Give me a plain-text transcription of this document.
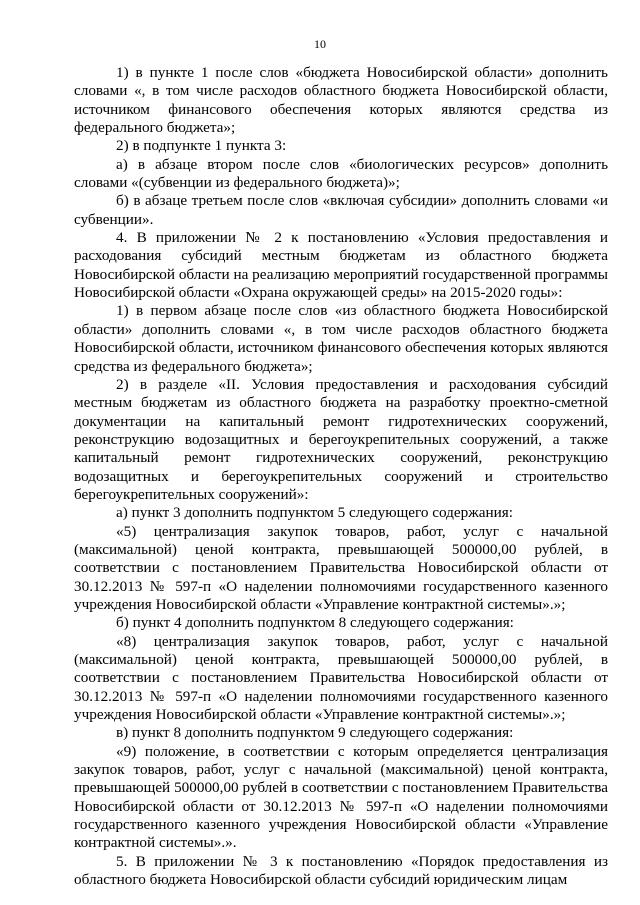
10

1) в пункте 1 после слов «бюджета Новосибирской области» дополнить словами «, в том числе расходов областного бюджета Новосибирской области, источником финансового обеспечения которых являются средства из федерального бюджета»;

2) в подпункте 1 пункта 3:

а) в абзаце втором после слов «биологических ресурсов» дополнить словами «(субвенции из федерального бюджета)»;

б) в абзаце третьем после слов «включая субсидии» дополнить словами «и субвенции».

4. В приложении № 2 к постановлению «Условия предоставления и расходования субсидий местным бюджетам из областного бюджета Новосибирской области на реализацию мероприятий государственной программы Новосибирской области «Охрана окружающей среды» на 2015-2020 годы»:

1) в первом абзаце после слов «из областного бюджета Новосибирской области» дополнить словами «, в том числе расходов областного бюджета Новосибирской области, источником финансового обеспечения которых являются средства из федерального бюджета»;

2) в разделе «II. Условия предоставления и расходования субсидий местным бюджетам из областного бюджета на разработку проектно-сметной документации на капитальный ремонт гидротехнических сооружений, реконструкцию водозащитных и берегоукрепительных сооружений, а также капитальный ремонт гидротехнических сооружений, реконструкцию водозащитных и берегоукрепительных сооружений и строительство берегоукрепительных сооружений»:

а) пункт 3 дополнить подпунктом 5 следующего содержания:

«5) централизация закупок товаров, работ, услуг с начальной (максимальной) ценой контракта, превышающей 500000,00 рублей, в соответствии с постановлением Правительства Новосибирской области от 30.12.2013 № 597-п «О наделении полномочиями государственного казенного учреждения Новосибирской области «Управление контрактной системы».»;

б) пункт 4 дополнить подпунктом 8 следующего содержания:

«8) централизация закупок товаров, работ, услуг с начальной (максимальной) ценой контракта, превышающей 500000,00 рублей, в соответствии с постановлением Правительства Новосибирской области от 30.12.2013 № 597-п «О наделении полномочиями государственного казенного учреждения Новосибирской области «Управление контрактной системы».»;

в) пункт 8 дополнить подпунктом 9 следующего содержания:

«9) положение, в соответствии с которым определяется централизация закупок товаров, работ, услуг с начальной (максимальной) ценой контракта, превышающей 500000,00 рублей в соответствии с постановлением Правительства Новосибирской области от 30.12.2013 № 597-п «О наделении полномочиями государственного казенного учреждения Новосибирской области «Управление контрактной системы».».

5. В приложении № 3 к постановлению «Порядок предоставления из областного бюджета Новосибирской области субсидий юридическим лицам
